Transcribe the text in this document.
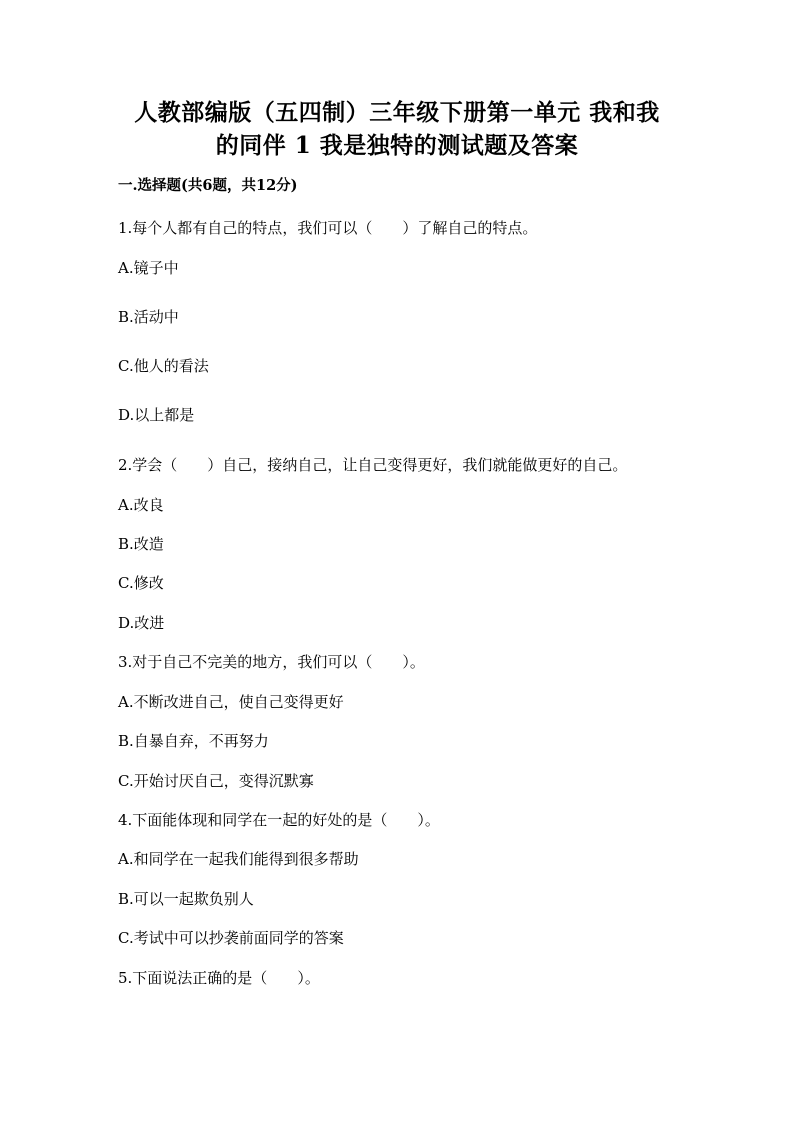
人教部编版（五四制）三年级下册第一单元 我和我
的同伴 1 我是独特的测试题及答案
一.选择题(共6题，共12分)
1.每个人都有自己的特点，我们可以（　　）了解自己的特点。
A.镜子中
B.活动中
C.他人的看法
D.以上都是
2.学会（　　）自己，接纳自己，让自己变得更好，我们就能做更好的自己。
A.改良
B.改造
C.修改
D.改进
3.对于自己不完美的地方，我们可以（　　）。
A.不断改进自己，使自己变得更好
B.自暴自弃，不再努力
C.开始讨厌自己，变得沉默寡
4.下面能体现和同学在一起的好处的是（　　）。
A.和同学在一起我们能得到很多帮助
B.可以一起欺负别人
C.考试中可以抄袭前面同学的答案
5.下面说法正确的是（　　）。
